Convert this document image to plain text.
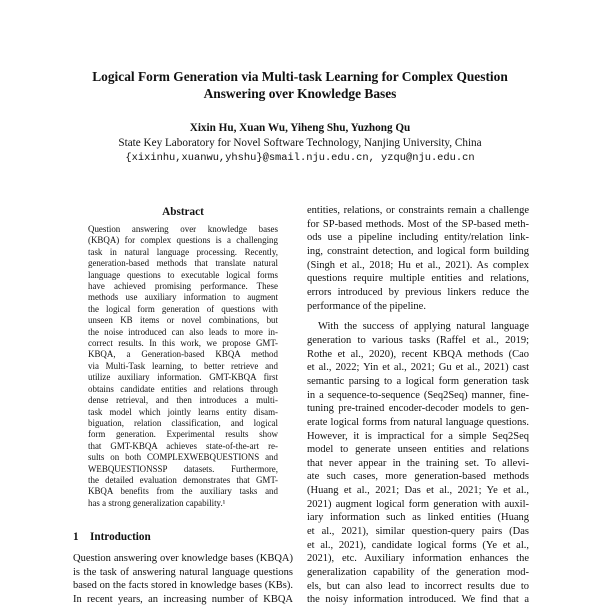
Logical Form Generation via Multi-task Learning for Complex Question
Answering over Knowledge Bases
Xixin Hu, Xuan Wu, Yiheng Shu, Yuzhong Qu
State Key Laboratory for Novel Software Technology, Nanjing University, China
{xixinhu,xuanwu,yhshu}@smail.nju.edu.cn, yzqu@nju.edu.cn
Abstract
Question answering over knowledge bases
(KBQA) for complex questions is a challenging
task in natural language processing. Recently,
generation-based methods that translate natural
language questions to executable logical forms
have achieved promising performance. These
methods use auxiliary information to augment
the logical form generation of questions with
unseen KB items or novel combinations, but
the noise introduced can also leads to more in-
correct results. In this work, we propose GMT-
KBQA, a Generation-based KBQA method
via Multi-Task learning, to better retrieve and
utilize auxiliary information. GMT-KBQA first
obtains candidate entities and relations through
dense retrieval, and then introduces a multi-
task model which jointly learns entity disam-
biguation, relation classification, and logical
form generation. Experimental results show
that GMT-KBQA achieves state-of-the-art re-
sults on both COMPLEXWEBQUESTIONS and
WEBQUESTIONSSP datasets. Furthermore,
the detailed evaluation demonstrates that GMT-
KBQA benefits from the auxiliary tasks and
has a strong generalization capability.¹
1 Introduction
Question answering over knowledge bases (KBQA)
is the task of answering natural language questions
based on the facts stored in knowledge bases (KBs).
In recent years, an increasing number of KBQA
entities, relations, or constraints remain a challenge
for SP-based methods. Most of the SP-based meth-
ods use a pipeline including entity/relation link-
ing, constraint detection, and logical form building
(Singh et al., 2018; Hu et al., 2021). As complex
questions require multiple entities and relations,
errors introduced by previous linkers reduce the
performance of the pipeline.
With the success of applying natural language
generation to various tasks (Raffel et al., 2019;
Rothe et al., 2020), recent KBQA methods (Cao
et al., 2022; Yin et al., 2021; Gu et al., 2021) cast
semantic parsing to a logical form generation task
in a sequence-to-sequence (Seq2Seq) manner, fine-
tuning pre-trained encoder-decoder models to gen-
erate logical forms from natural language questions.
However, it is impractical for a simple Seq2Seq
model to generate unseen entities and relations
that never appear in the training set. To allevi-
ate such cases, more generation-based methods
(Huang et al., 2021; Das et al., 2021; Ye et al.,
2021) augment logical form generation with auxil-
iary information such as linked entities (Huang
et al., 2021), similar question-query pairs (Das
et al., 2021), candidate logical forms (Ye et al.,
2021), etc. Auxiliary information enhances the
generalization capability of the generation mod-
els, but can also lead to incorrect results due to
the noisy information introduced. We find that a
